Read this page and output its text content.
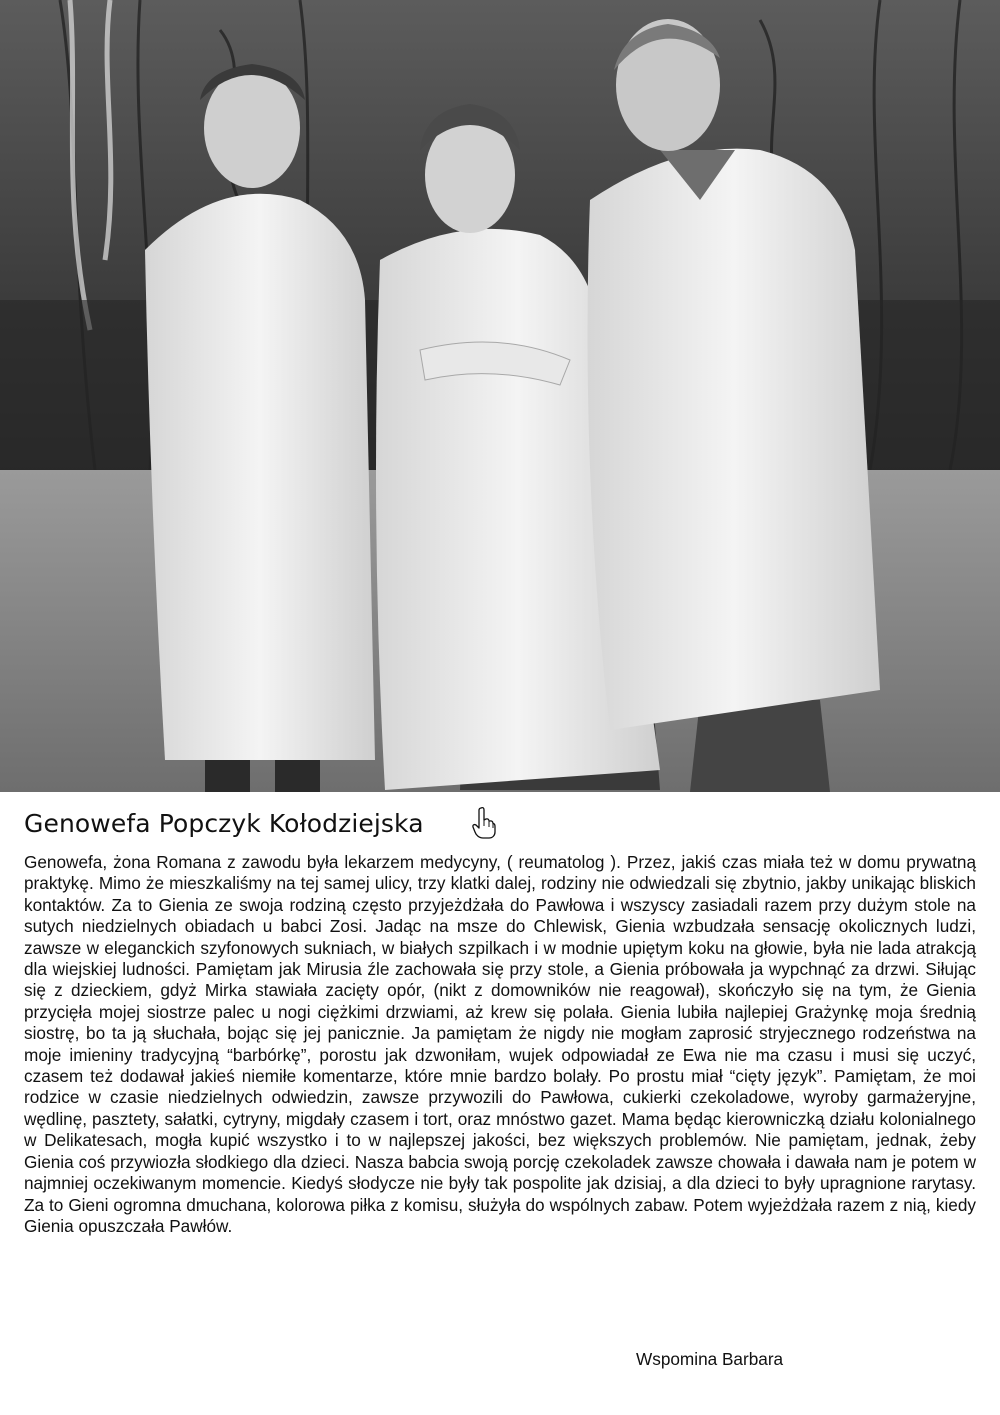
Genowefa Popczyk Kołodziejska

Genowefa, żona Romana z zawodu była lekarzem medycyny, ( reumatolog ). Przez, jakiś czas miała też w domu prywatną praktykę. Mimo że mieszkaliśmy na tej samej ulicy, trzy klatki dalej, rodziny nie odwiedzali się zbytnio, jakby unikając bliskich kontaktów. Za to Gienia ze swoja rodziną często przyjeżdżała do Pawłowa i wszyscy zasiadali razem przy dużym stole na sutych niedzielnych obiadach u babci Zosi. Jadąc na msze do Chlewisk, Gienia wzbudzała sensację okolicznych ludzi, zawsze w eleganckich szyfonowych sukniach, w białych szpilkach i w modnie upiętym koku na głowie, była nie lada atrakcją dla wiejskiej ludności. Pamiętam jak Mirusia źle zachowała się przy stole, a Gienia próbowała ja wypchnąć za drzwi. Siłując się z dzieckiem, gdyż Mirka stawiała zacięty opór, (nikt z domowników nie reagował), skończyło się na tym, że Gienia przycięła mojej siostrze palec u nogi ciężkimi drzwiami, aż krew się polała. Gienia lubiła najlepiej Grażynkę moja średnią siostrę, bo ta ją słuchała, bojąc się jej panicznie. Ja pamiętam że nigdy nie mogłam zaprosić stryjecznego rodzeństwa na moje imieniny tradycyjną “barbórkę”, porostu jak dzwoniłam, wujek odpowiadał ze Ewa nie ma czasu i musi się uczyć, czasem też dodawał jakieś niemiłe komentarze, które mnie bardzo bolały. Po prostu miał “cięty język”. Pamiętam, że moi rodzice w czasie niedzielnych odwiedzin, zawsze przywozili do Pawłowa, cukierki czekoladowe, wyroby garmażeryjne, wędlinę, pasztety, sałatki, cytryny, migdały czasem i tort, oraz mnóstwo gazet. Mama będąc kierowniczką działu kolonialnego w Delikatesach, mogła kupić wszystko i to w najlepszej jakości, bez większych problemów. Nie pamiętam, jednak, żeby Gienia coś przywiozła słodkiego dla dzieci. Nasza babcia swoją porcję czekoladek zawsze chowała i dawała nam je potem w najmniej oczekiwanym momencie. Kiedyś słodycze nie były tak pospolite jak dzisiaj, a dla dzieci to były upragnione rarytasy. Za to Gieni ogromna dmuchana, kolorowa piłka z komisu, służyła do wspólnych zabaw. Potem wyjeżdżała razem z nią, kiedy Gienia opuszczała Pawłów.

Wspomina Barbara
